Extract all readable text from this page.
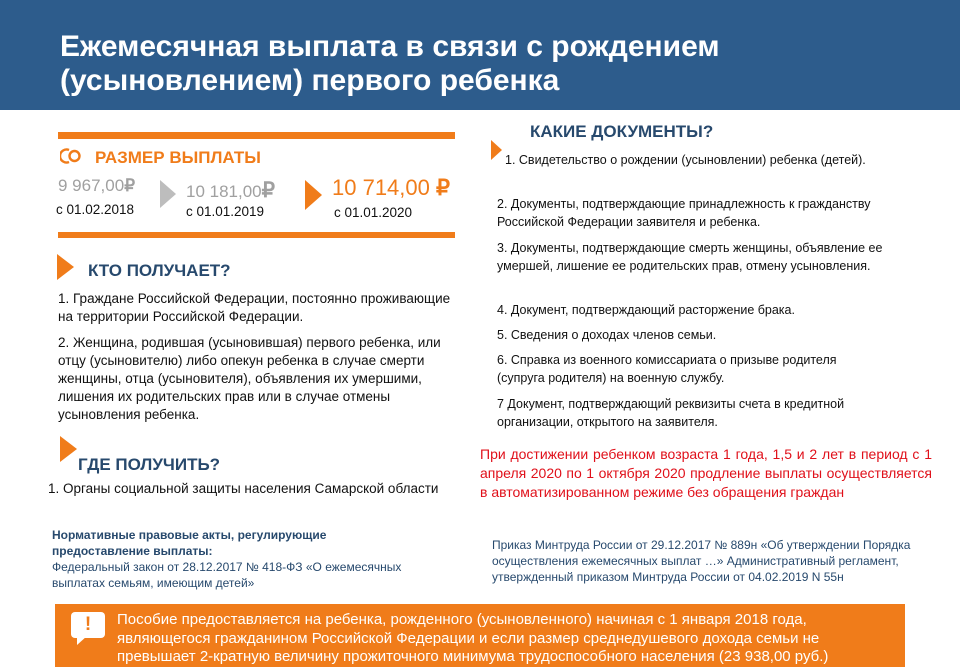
Ежемесячная выплата в связи с рождением
(усыновлением) первого ребенка
РАЗМЕР ВЫПЛАТЫ
9 967,00₽
с 01.02.2018
10 181,00₽
с 01.01.2019
10 714,00 ₽
с 01.01.2020
КТО ПОЛУЧАЕТ?

1. Граждане Российской Федерации, постоянно проживающие на территории Российской Федерации.

2. Женщина, родившая (усыновившая) первого ребенка, или отцу (усыновителю) либо опекун ребенка в случае смерти женщины, отца (усыновителя), объявления их умершими, лишения их родительских прав или в случае отмены усыновления ребенка.

ГДЕ ПОЛУЧИТЬ?

1. Органы социальной защиты населения Самарской области

Нормативные правовые акты, регулирующие предоставление выплаты:

Федеральный закон от 28.12.2017 № 418-ФЗ «О ежемесячных выплатах семьям, имеющим детей»

КАКИЕ ДОКУМЕНТЫ?

1. Свидетельство о рождении (усыновлении) ребенка (детей).

2. Документы, подтверждающие принадлежность к гражданству Российской Федерации заявителя и ребенка.

3. Документы, подтверждающие смерть женщины, объявление ее умершей, лишение ее родительских прав, отмену усыновления.

4. Документ, подтверждающий расторжение брака.

5. Сведения о доходах членов семьи.

6. Справка из военного комиссариата о призыве родителя (супруга родителя) на военную службу.

7 Документ, подтверждающий реквизиты счета в кредитной организации, открытого на заявителя.

При достижении ребенком возраста 1 года, 1,5 и 2 лет в период с 1 апреля 2020 по 1 октября 2020 продление выплаты осуществляется в автоматизированном режиме без обращения граждан

Приказ Минтруда России от 29.12.2017 № 889н «Об утверждении Порядка осуществления ежемесячных выплат …» Административный регламент, утвержденный приказом Минтруда России от 04.02.2019 N 55н

!	Пособие предоставляется на ребенка, рожденного (усыновленного) начиная с 1 января 2018 года, являющегося гражданином Российской Федерации и если размер среднедушевого дохода семьи не превышает 2-кратную величину прожиточного минимума трудоспособного населения (23 938,00 руб.)
